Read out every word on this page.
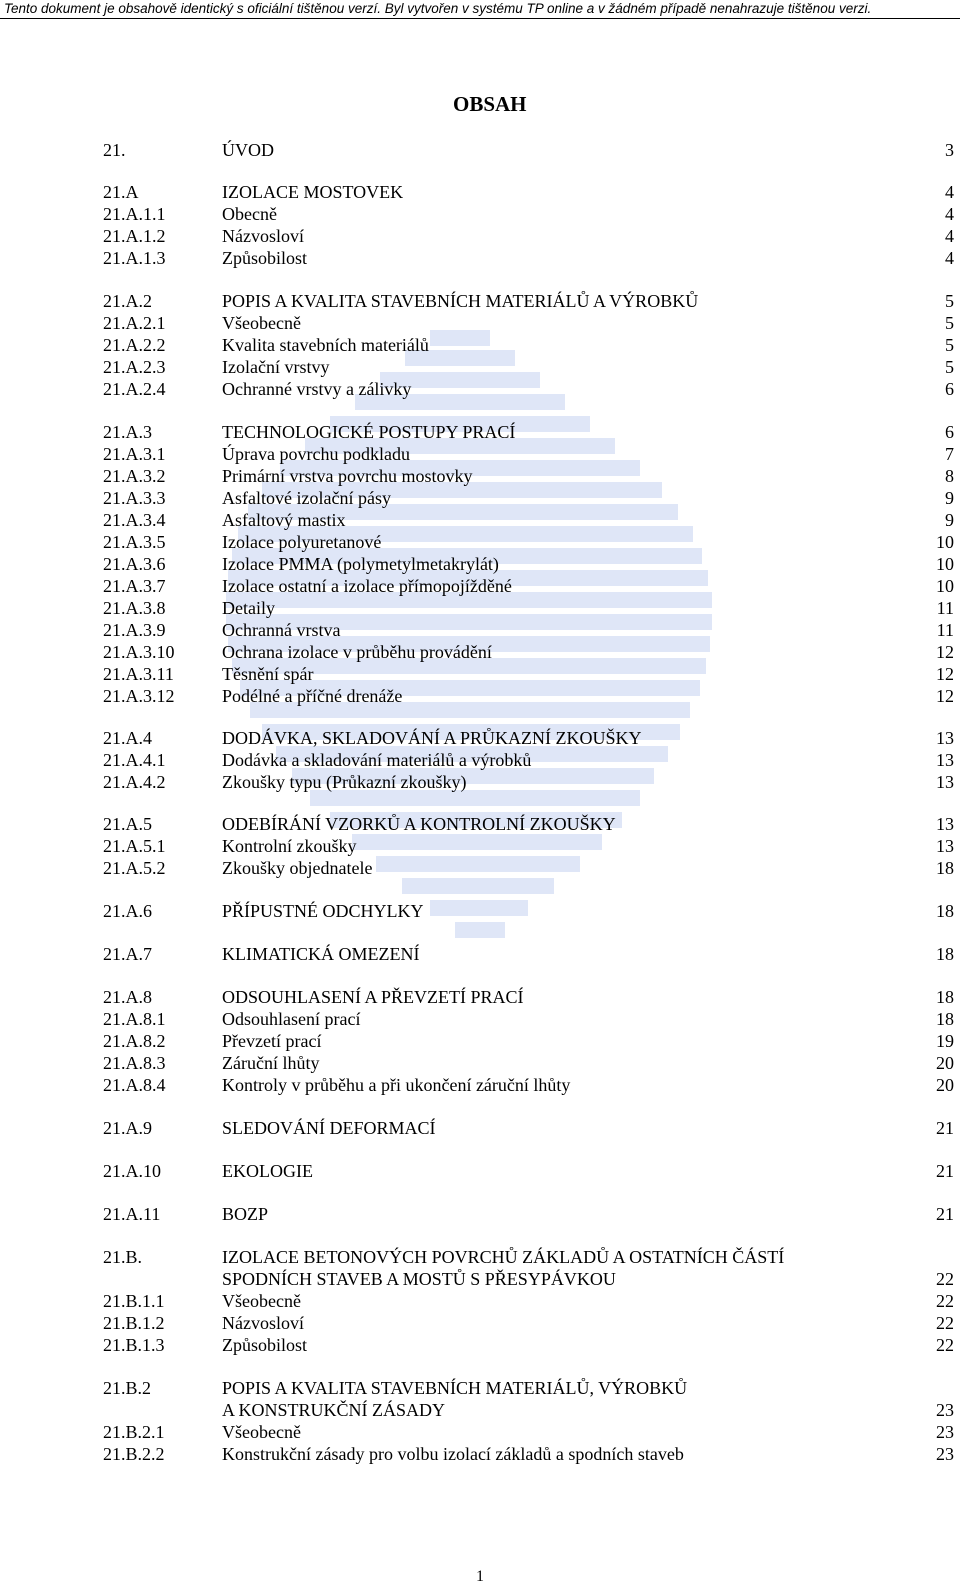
Tento dokument je obsahově identický s oficiální tištěnou verzí. Byl vytvořen v systému TP online a v žádném případě nenahrazuje tištěnou verzi.
OBSAH
21.	ÚVOD	3
21.A	IZOLACE MOSTOVEK	4
21.A.1.1	Obecně	4
21.A.1.2	Názvosloví	4
21.A.1.3	Způsobilost	4
21.A.2	POPIS A KVALITA STAVEBNÍCH MATERIÁLŮ A VÝROBKŮ	5
21.A.2.1	Všeobecně	5
21.A.2.2	Kvalita stavebních materiálů	5
21.A.2.3	Izolační vrstvy	5
21.A.2.4	Ochranné vrstvy a zálivky	6
21.A.3	TECHNOLOGICKÉ POSTUPY PRACÍ	6
21.A.3.1	Úprava povrchu podkladu	7
21.A.3.2	Primární vrstva povrchu mostovky	8
21.A.3.3	Asfaltové izolační pásy	9
21.A.3.4	Asfaltový mastix	9
21.A.3.5	Izolace polyuretanové	10
21.A.3.6	Izolace PMMA (polymetylmetakrylát)	10
21.A.3.7	Izolace ostatní a izolace přímopojížděné	10
21.A.3.8	Detaily	11
21.A.3.9	Ochranná vrstva	11
21.A.3.10	Ochrana izolace v průběhu provádění	12
21.A.3.11	Těsnění spár	12
21.A.3.12	Podélné a příčné drenáže	12
21.A.4	DODÁVKA, SKLADOVÁNÍ A PRŮKAZNÍ ZKOUŠKY	13
21.A.4.1	Dodávka a skladování materiálů a výrobků	13
21.A.4.2	Zkoušky typu (Průkazní zkoušky)	13
21.A.5	ODEBÍRÁNÍ VZORKŮ A KONTROLNÍ ZKOUŠKY	13
21.A.5.1	Kontrolní zkoušky	13
21.A.5.2	Zkoušky objednatele	18
21.A.6	PŘÍPUSTNÉ ODCHYLKY	18
21.A.7	KLIMATICKÁ OMEZENÍ	18
21.A.8	ODSOUHLASENÍ A PŘEVZETÍ PRACÍ	18
21.A.8.1	Odsouhlasení prací	18
21.A.8.2	Převzetí prací	19
21.A.8.3	Záruční lhůty	20
21.A.8.4	Kontroly v průběhu a při ukončení záruční lhůty	20
21.A.9	SLEDOVÁNÍ DEFORMACÍ	21
21.A.10	EKOLOGIE	21
21.A.11	BOZP	21
21.B.	IZOLACE BETONOVÝCH POVRCHŮ ZÁKLADŮ A OSTATNÍCH ČÁSTÍ
SPODNÍCH STAVEB A MOSTŮ S PŘESYPÁVKOU	22
21.B.1.1	Všeobecně	22
21.B.1.2	Názvosloví	22
21.B.1.3	Způsobilost	22
21.B.2	POPIS A KVALITA STAVEBNÍCH MATERIÁLŮ, VÝROBKŮ
A KONSTRUKČNÍ ZÁSADY	23
21.B.2.1	Všeobecně	23
21.B.2.2	Konstrukční zásady pro volbu izolací základů a spodních staveb	23
1
